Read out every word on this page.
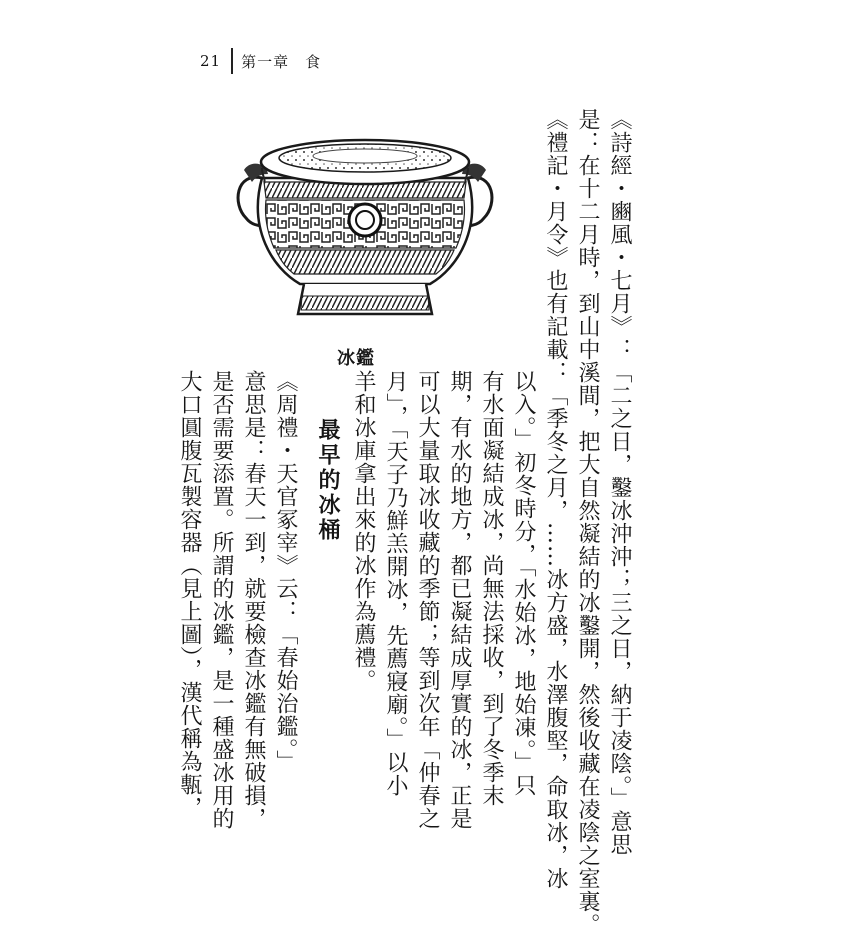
21 第一章　食
冰鑑	《詩經・豳風・七月》：「二之日，鑿冰沖沖；三之日，納于凌陰。」意思
是：在十二月時，到山中溪間，把大自然凝結的冰鑿開，然後收藏在凌陰之室裏。
《禮記・月令》也有記載：「季冬之月，……冰方盛，水澤腹堅，命取冰，冰
以入。」初冬時分，「水始冰，地始凍。」只
有水面凝結成冰，尚無法採收，到了冬季末
期，有水的地方，都已凝結成厚實的冰，正是
可以大量取冰收藏的季節；等到次年「仲春之
月」，「天子乃鮮羔開冰，先薦寢廟。」以小
羊和冰庫拿出來的冰作為薦禮。
最早的冰桶
《周禮・天官冢宰》云：「春始治鑑。」
意思是：春天一到，就要檢查冰鑑有無破損，
是否需要添置。所謂的冰鑑，是一種盛冰用的
大口圓腹瓦製容器（見上圖），漢代稱為甎，
